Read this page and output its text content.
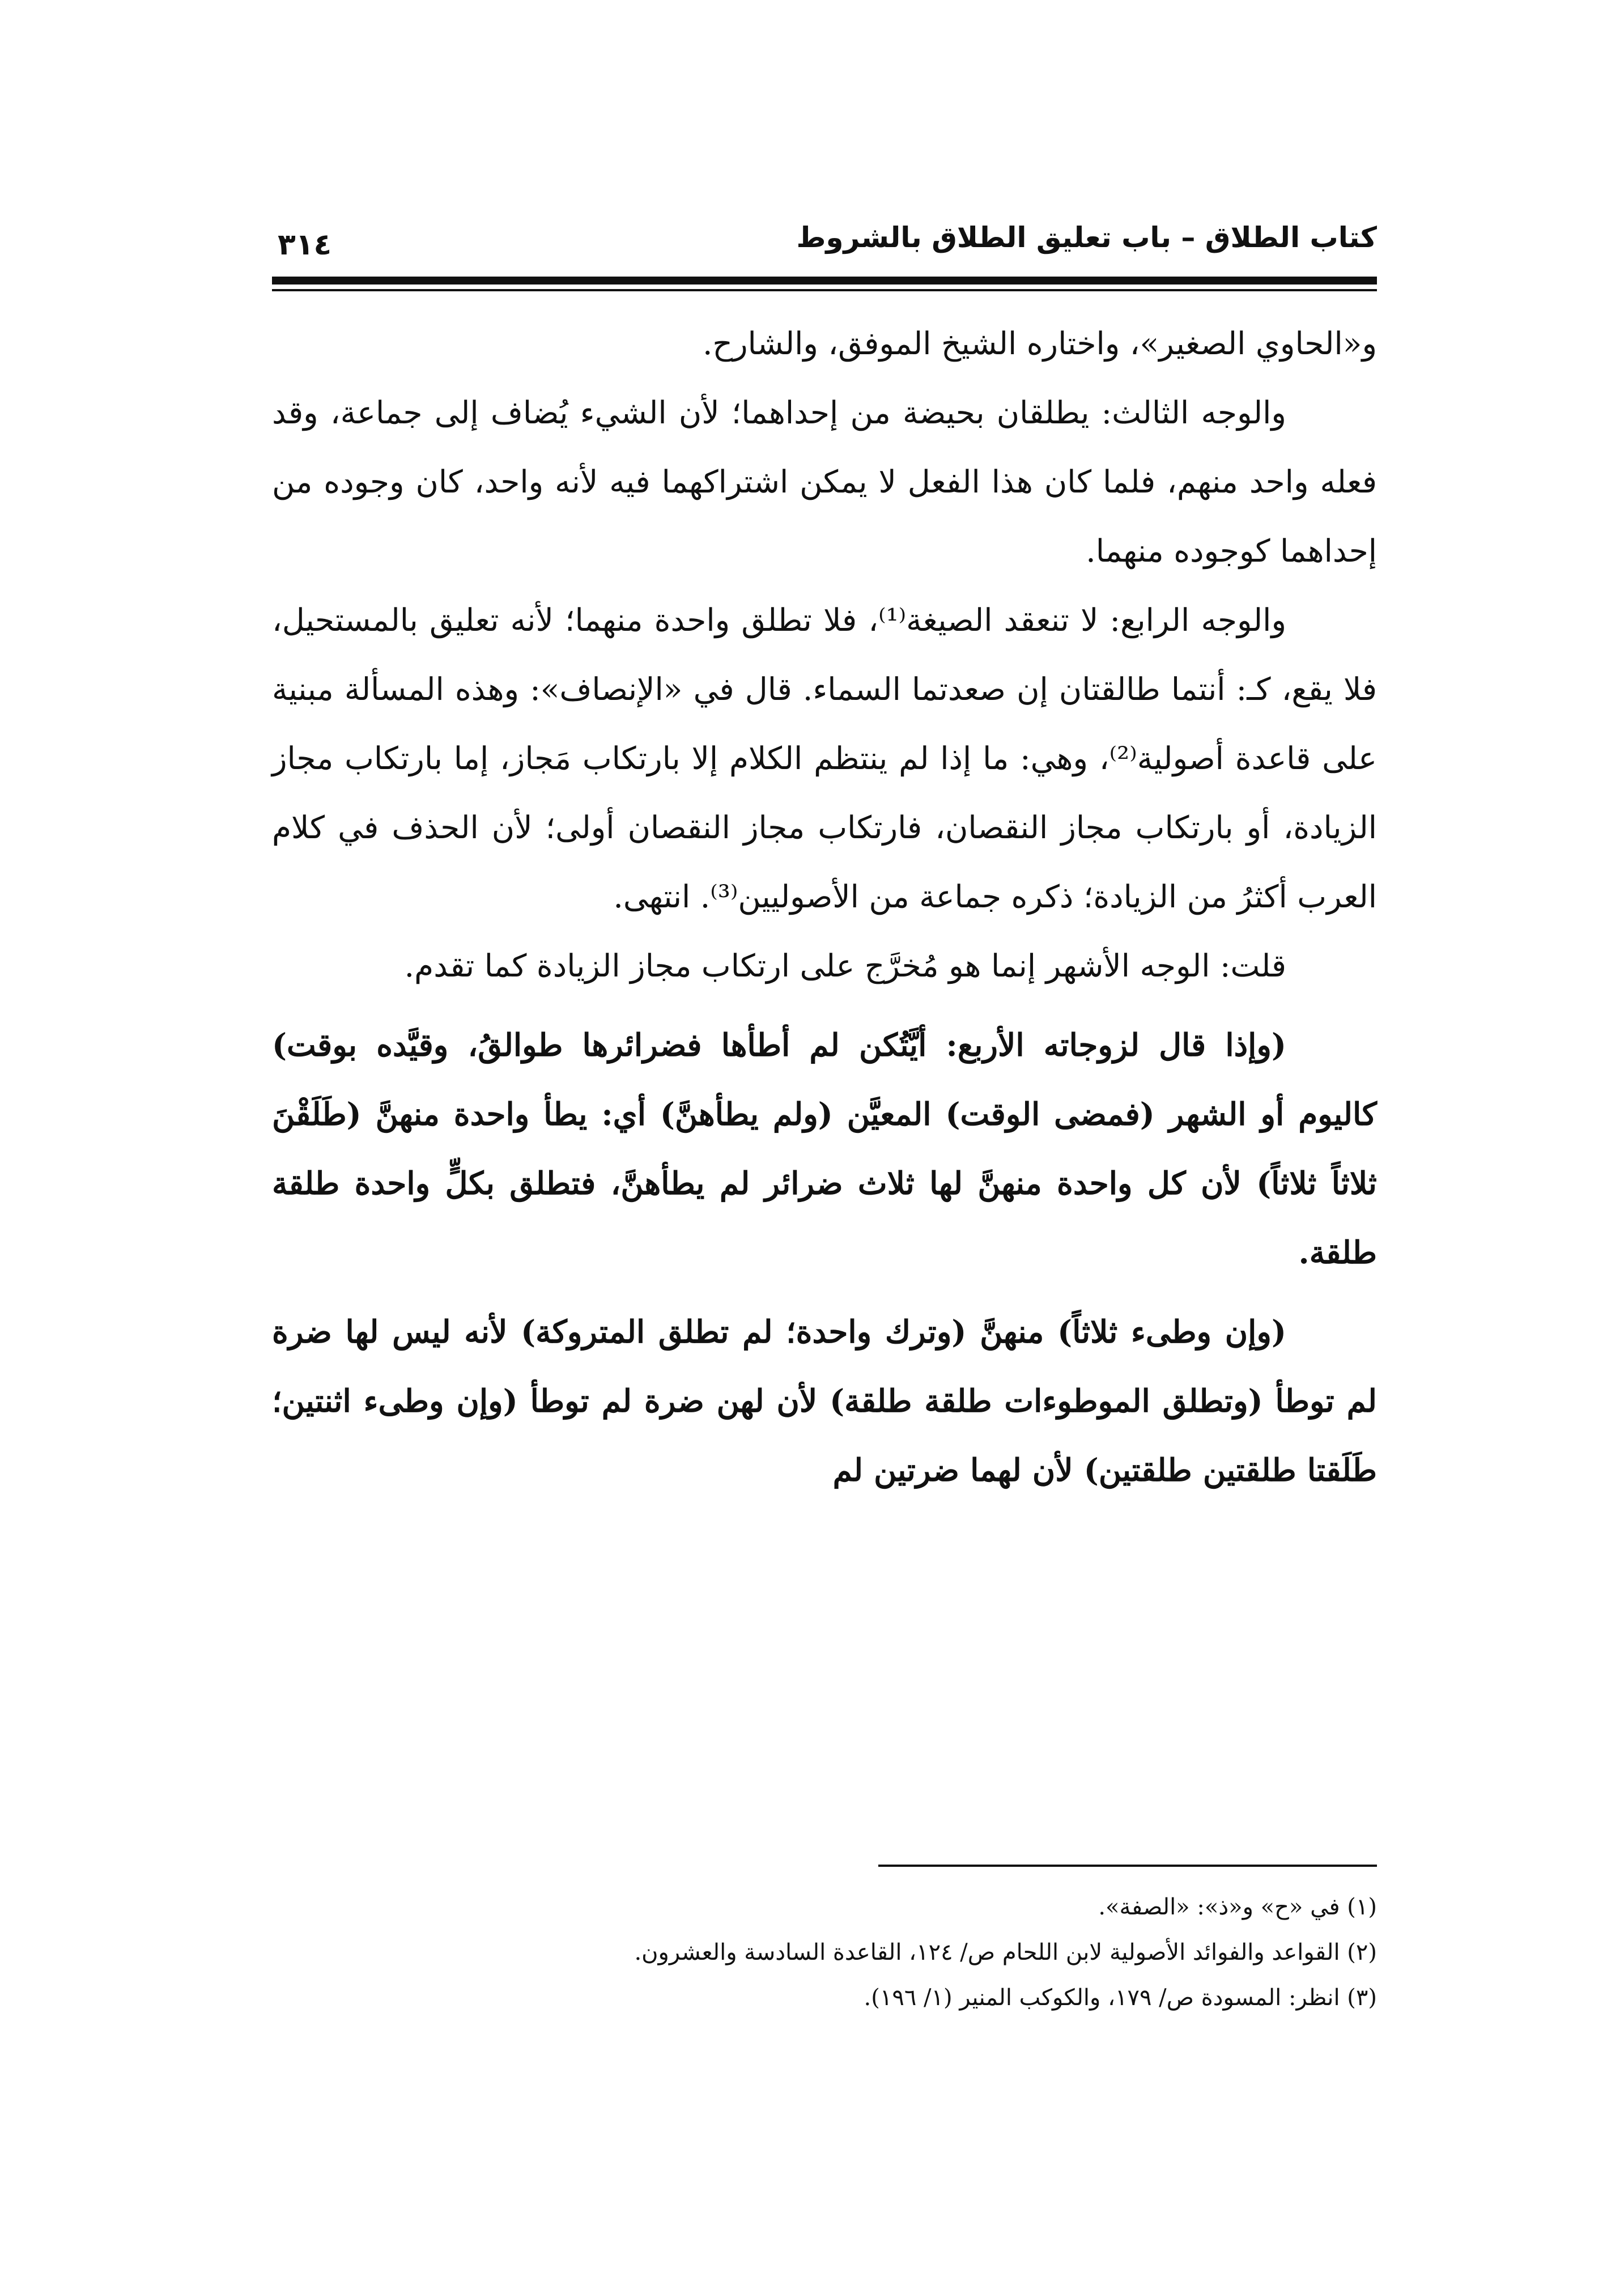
كتاب الطلاق – باب تعليق الطلاق بالشروط
٣١٤

و«الحاوي الصغير»، واختاره الشيخ الموفق، والشارح.

والوجه الثالث: يطلقان بحيضة من إحداهما؛ لأن الشيء يُضاف إلى جماعة، وقد فعله واحد منهم، فلما كان هذا الفعل لا يمكن اشتراكهما فيه لأنه واحد، كان وجوده من إحداهما كوجوده منهما.

والوجه الرابع: لا تنعقد الصيغة⁽¹⁾، فلا تطلق واحدة منهما؛ لأنه تعليق بالمستحيل، فلا يقع، كـ: أنتما طالقتان إن صعدتما السماء. قال في «الإنصاف»: وهذه المسألة مبنية على قاعدة أصولية⁽²⁾، وهي: ما إذا لم ينتظم الكلام إلا بارتكاب مَجاز، إما بارتكاب مجاز الزيادة، أو بارتكاب مجاز النقصان، فارتكاب مجاز النقصان أولى؛ لأن الحذف في كلام العرب أكثرُ من الزيادة؛ ذكره جماعة من الأصوليين⁽³⁾. انتهى.

قلت: الوجه الأشهر إنما هو مُخرَّج على ارتكاب مجاز الزيادة كما تقدم.

(وإذا قال لزوجاته الأربع: أيَّتُكن لم أطأها فضرائرها طوالقُ، وقيَّده بوقت) كاليوم أو الشهر (فمضى الوقت) المعيَّن (ولم يطأهنَّ) أي: يطأ واحدة منهنَّ (طَلَقْنَ ثلاثاً ثلاثاً) لأن كل واحدة منهنَّ لها ثلاث ضرائر لم يطأهنَّ، فتطلق بكلٍّ واحدة طلقة طلقة.

(وإن وطىء ثلاثاً) منهنَّ (وترك واحدة؛ لم تطلق المتروكة) لأنه ليس لها ضرة لم توطأ (وتطلق الموطوءات طلقة طلقة) لأن لهن ضرة لم توطأ (وإن وطىء اثنتين؛ طَلَقتا طلقتين طلقتين) لأن لهما ضرتين لم

(١) في «ح» و«ذ»: «الصفة».
(٢) القواعد والفوائد الأصولية لابن اللحام ص/ ١٢٤، القاعدة السادسة والعشرون.
(٣) انظر: المسودة ص/ ١٧٩، والكوكب المنير (١/ ١٩٦).
